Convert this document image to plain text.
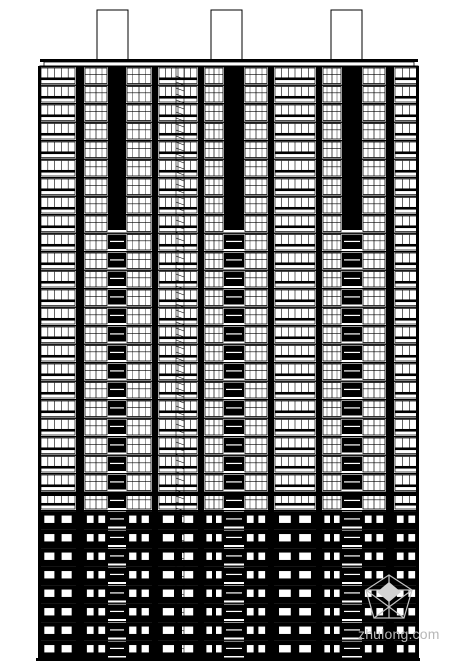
zhulong.com
